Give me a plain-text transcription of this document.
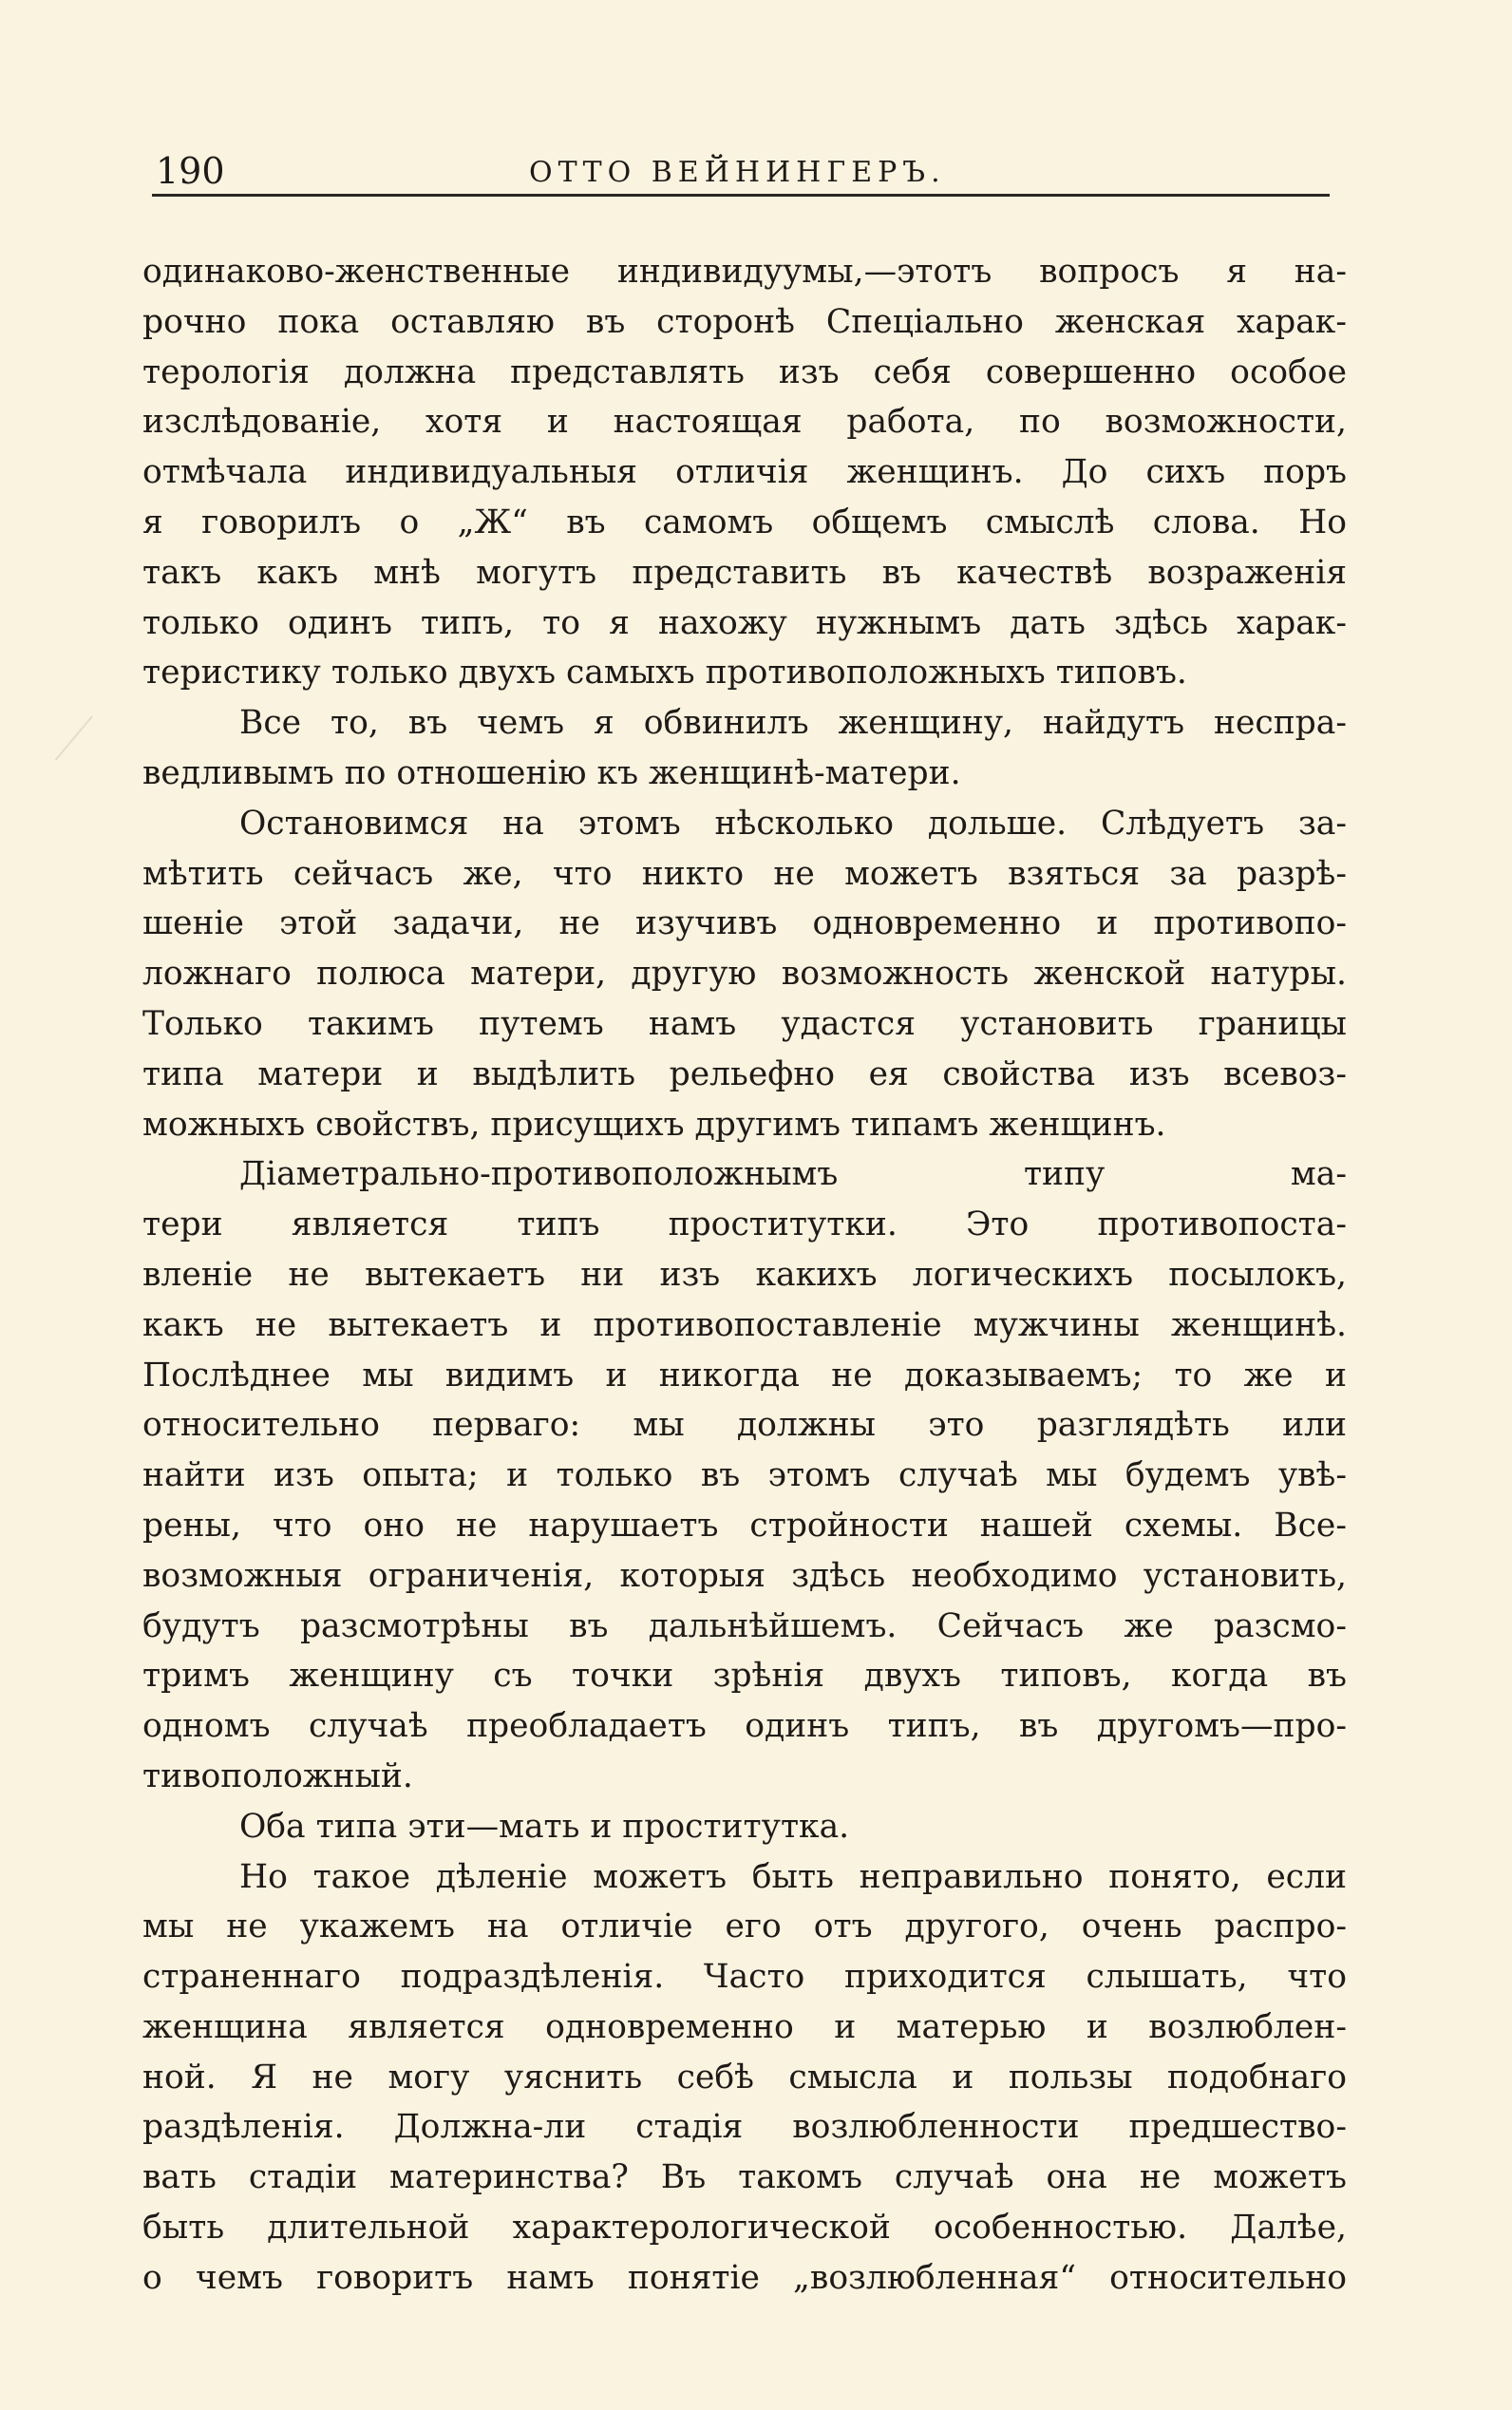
190	ОТТО ВЕЙНИНГЕРЪ.
одинаково-женственные индивидуумы,—этотъ вопросъ я на-
рочно пока оставляю въ сторонѣ Спеціально женская харак-
терологія должна представлять изъ себя совершенно особое
изслѣдованіе, хотя и настоящая работа, по возможности,
отмѣчала индивидуальныя отличія женщинъ. До сихъ поръ
я говорилъ о „Ж“ въ самомъ общемъ смыслѣ слова. Но
такъ какъ мнѣ могутъ представить въ качествѣ возраженія
только одинъ типъ, то я нахожу нужнымъ дать здѣсь харак-
теристику только двухъ самыхъ противоположныхъ типовъ.
Все то, въ чемъ я обвинилъ женщину, найдутъ неспра-
ведливымъ по отношенію къ женщинѣ-матери.
Остановимся на этомъ нѣсколько дольше. Слѣдуетъ за-
мѣтить сейчасъ же, что никто не можетъ взяться за разрѣ-
шеніе этой задачи, не изучивъ одновременно и противопо-
ложнаго полюса матери, другую возможность женской натуры.
Только такимъ путемъ намъ удастся установить границы
типа матери и выдѣлить рельефно ея свойства изъ всевоз-
можныхъ свойствъ, присущихъ другимъ типамъ женщинъ.
Діаметрально-противоположнымъ типу ма-
тери является типъ проститутки. Это противопоста-
вленіе не вытекаетъ ни изъ какихъ логическихъ посылокъ,
какъ не вытекаетъ и противопоставленіе мужчины женщинѣ.
Послѣднее мы видимъ и никогда не доказываемъ; то же и
относительно перваго: мы должны это разглядѣть или
найти изъ опыта; и только въ этомъ случаѣ мы будемъ увѣ-
рены, что оно не нарушаетъ стройности нашей схемы. Все-
возможныя ограниченія, которыя здѣсь необходимо установить,
будутъ разсмотрѣны въ дальнѣйшемъ. Сейчасъ же разсмо-
тримъ женщину съ точки зрѣнія двухъ типовъ, когда въ
одномъ случаѣ преобладаетъ одинъ типъ, въ другомъ—про-
тивоположный.
Оба типа эти—мать и проститутка.
Но такое дѣленіе можетъ быть неправильно понято, если
мы не укажемъ на отличіе его отъ другого, очень распро-
страненнаго подраздѣленія. Часто приходится слышать, что
женщина является одновременно и матерью и возлюблен-
ной. Я не могу уяснить себѣ смысла и пользы подобнаго
раздѣленія. Должна-ли стадія возлюбленности предшество-
вать стадіи материнства? Въ такомъ случаѣ она не можетъ
быть длительной характерологической особенностью. Далѣе,
о чемъ говоритъ намъ понятіе „возлюбленная“ относительно
